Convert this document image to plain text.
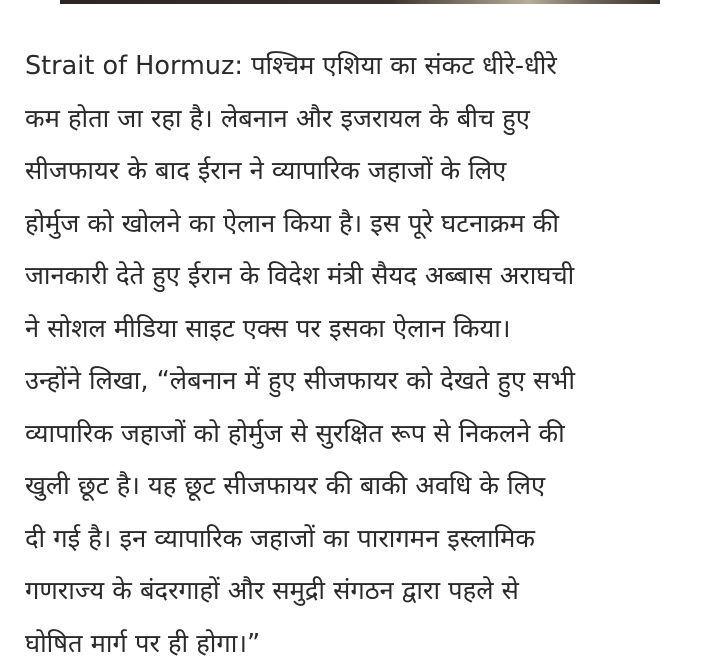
Strait of Hormuz: पश्चिम एशिया का संकट धीरे-धीरे
कम होता जा रहा है। लेबनान और इजरायल के बीच हुए
सीजफायर के बाद ईरान ने व्यापारिक जहाजों के लिए
होर्मुज को खोलने का ऐलान किया है। इस पूरे घटनाक्रम की
जानकारी देते हुए ईरान के विदेश मंत्री सैयद अब्बास अराघची
ने सोशल मीडिया साइट एक्स पर इसका ऐलान किया।
उन्होंने लिखा, “लेबनान में हुए सीजफायर को देखते हुए सभी
व्यापारिक जहाजों को होर्मुज से सुरक्षित रूप से निकलने की
खुली छूट है। यह छूट सीजफायर की बाकी अवधि के लिए
दी गई है। इन व्यापारिक जहाजों का पारागमन इस्लामिक
गणराज्य के बंदरगाहों और समुद्री संगठन द्वारा पहले से
घोषित मार्ग पर ही होगा।”
